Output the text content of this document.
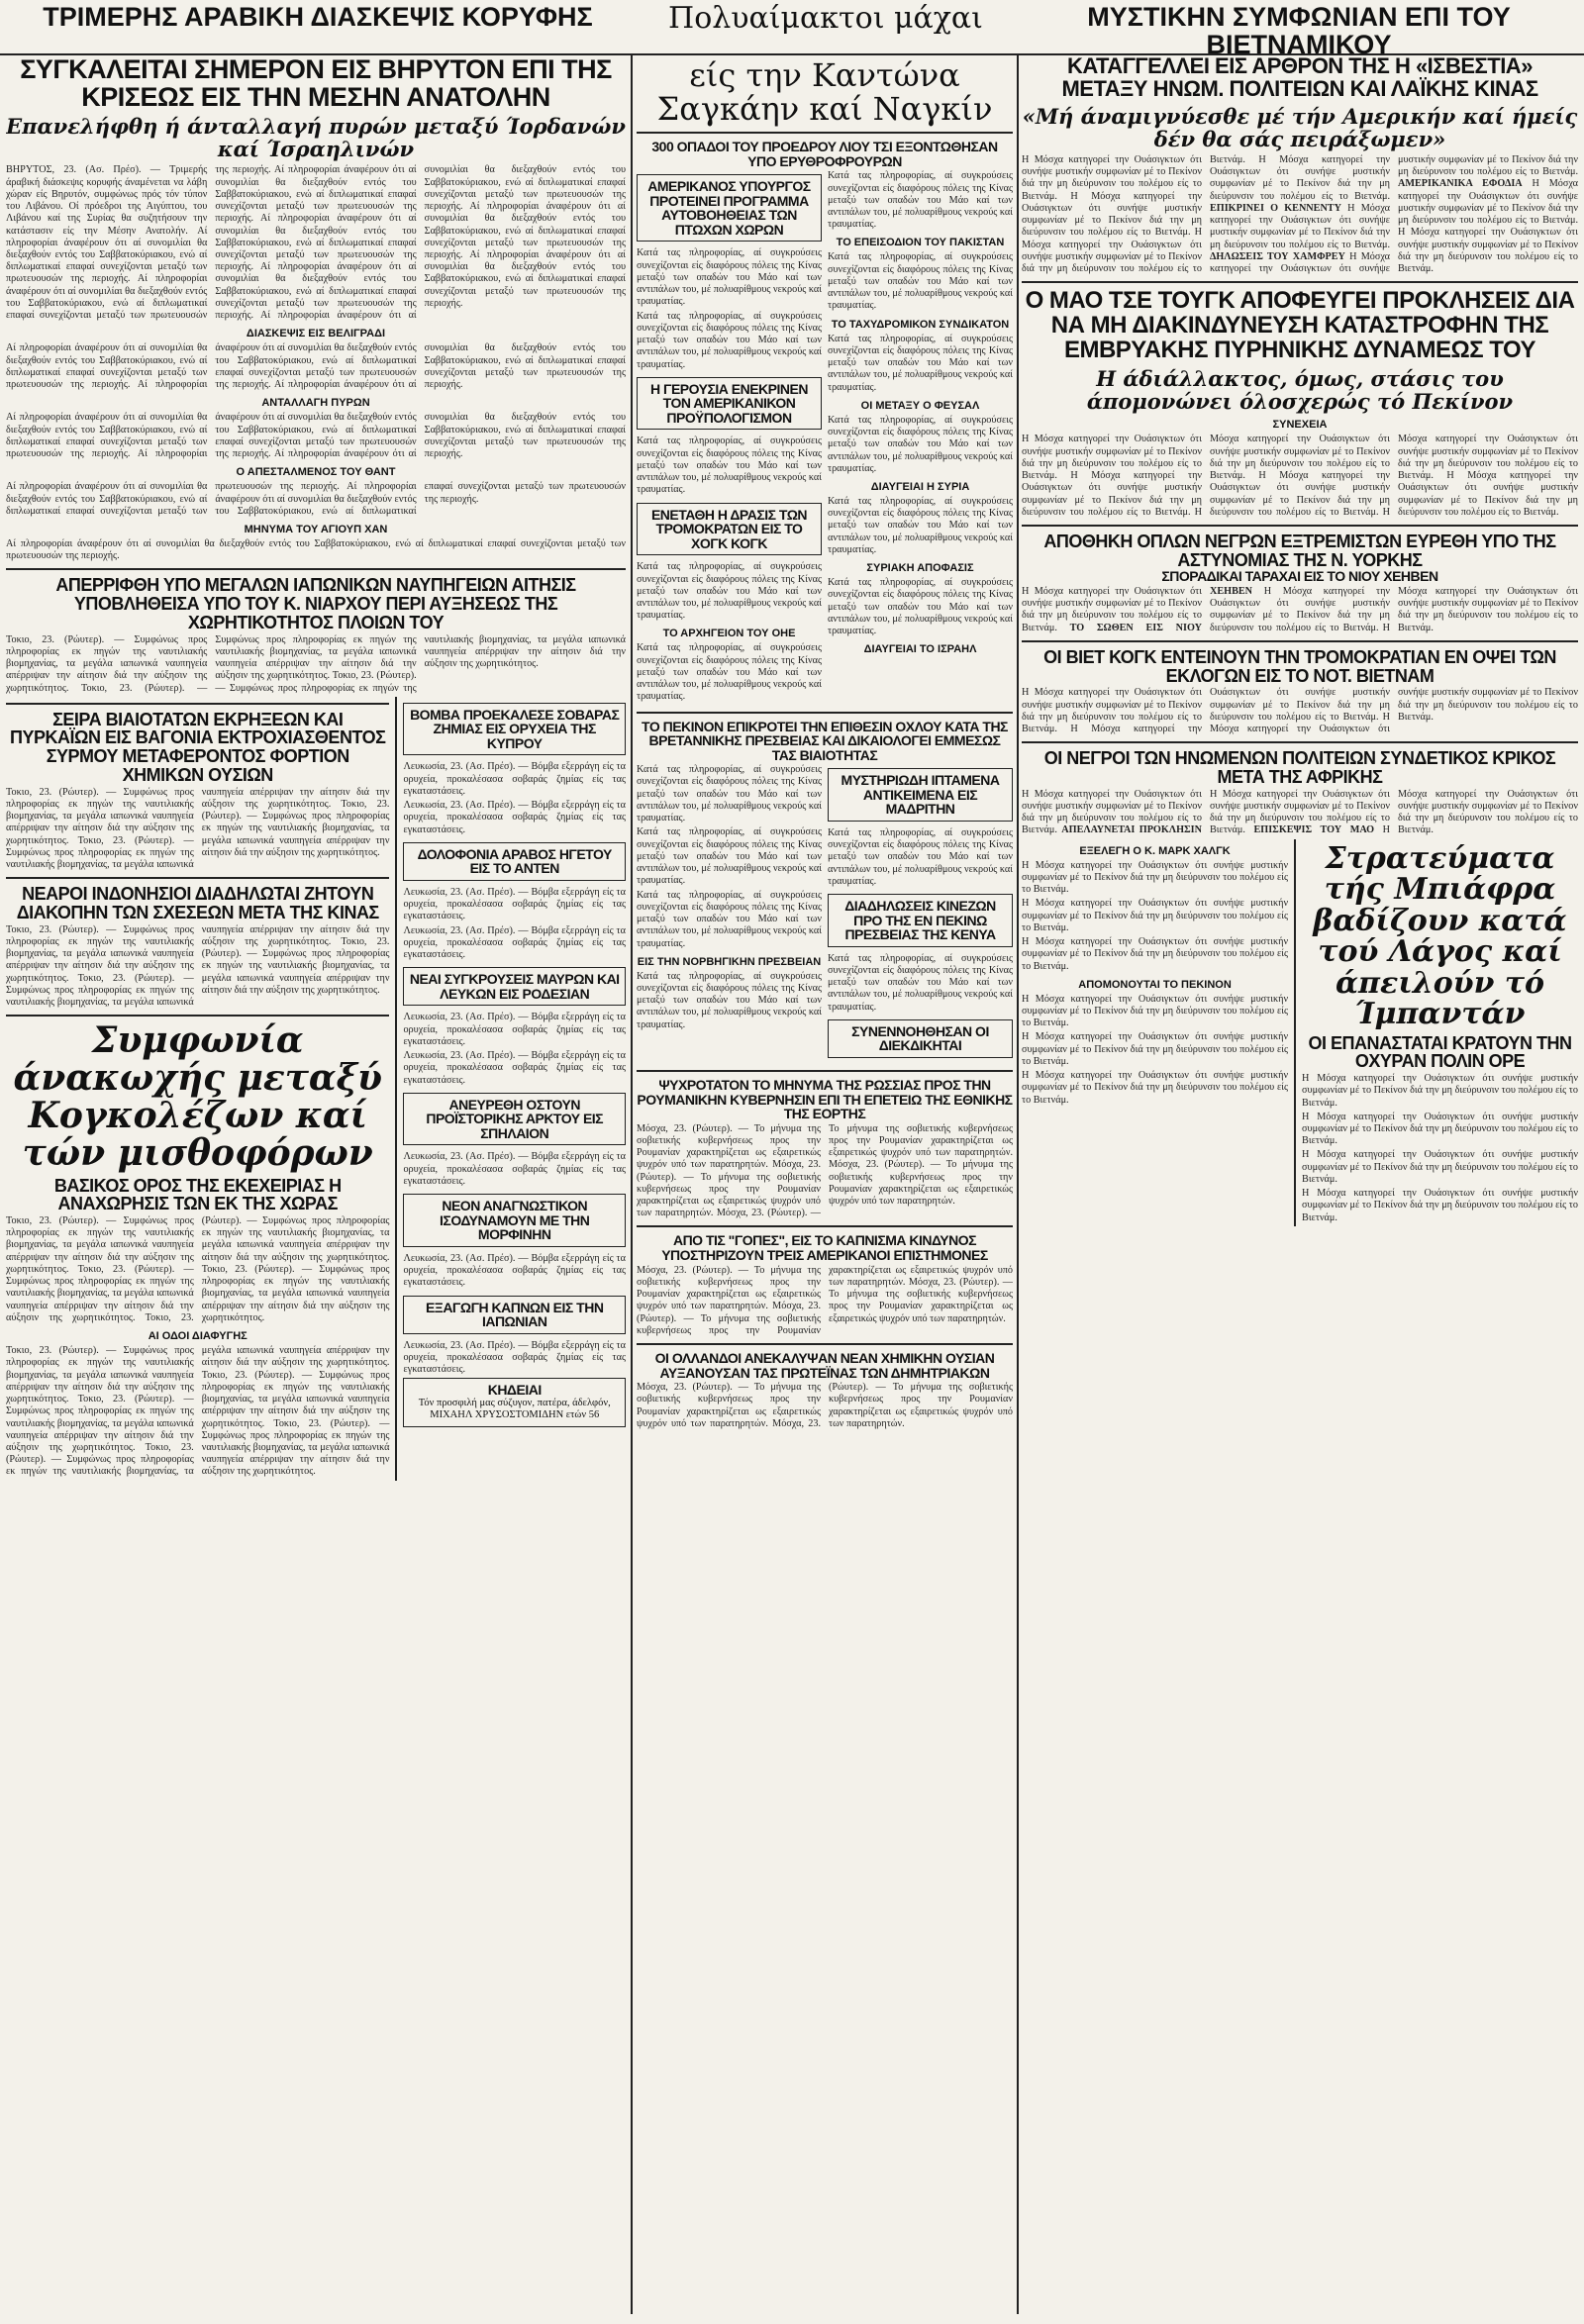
ΤΡΙΜΕΡΗΣ ΑΡΑΒΙΚΗ ΔΙΑΣΚΕΨΙΣ ΚΟΡΥΦΗΣ	Πολυαίμακτοι μάχαι	ΜΥΣΤΙΚΗΝ ΣΥΜΦΩΝΙΑΝ ΕΠΙ ΤΟΥ ΒΙΕΤΝΑΜΙΚΟΥ
ΣΥΓΚΑΛΕΙΤΑΙ ΣΗΜΕΡΟΝ ΕΙΣ ΒΗΡΥΤΟΝ ΕΠΙ ΤΗΣ ΚΡΙΣΕΩΣ ΕΙΣ ΤΗΝ ΜΕΣΗΝ ΑΝΑΤΟΛΗΝ
Επανελήφθη ή άνταλλαγή πυρών μεταξύ Ίορδανών καί Ίσραηλινών
ΒΗΡΥΤΟΣ, 23. (Ασ. Πρέσ). — Τριμερής άραβική διάσκεψις κορυφής άναμένεται να λάβη χώραν είς Βηρυτόν, συμφώνως πρός τόν τύπον του Λιβάνου. Οί πρόεδροι της Αιγύπτου, του Λιβάνου καί της Συρίας θα συζητήσουν την κατάστασιν είς την Μέσην Ανατολήν. Αί πληροφορίαι άναφέρουν ότι αί συνομιλίαι θα διεξαχθούν εντός του Σαββατοκύριακου, ενώ αί διπλωματικαί επαφαί συνεχίζονται μεταξύ των πρωτευουσών της περιοχής. Αί πληροφορίαι άναφέρουν ότι αί συνομιλίαι θα διεξαχθούν εντός του Σαββατοκύριακου, ενώ αί διπλωματικαί επαφαί συνεχίζονται μεταξύ των πρωτευουσών της περιοχής. Αί πληροφορίαι άναφέρουν ότι αί συνομιλίαι θα διεξαχθούν εντός του Σαββατοκύριακου, ενώ αί διπλωματικαί επαφαί συνεχίζονται μεταξύ των πρωτευουσών της περιοχής. Αί πληροφορίαι άναφέρουν ότι αί συνομιλίαι θα διεξαχθούν εντός του Σαββατοκύριακου, ενώ αί διπλωματικαί επαφαί συνεχίζονται μεταξύ των πρωτευουσών της περιοχής. Αί πληροφορίαι άναφέρουν ότι αί συνομιλίαι θα διεξαχθούν εντός του Σαββατοκύριακου, ενώ αί διπλωματικαί επαφαί συνεχίζονται μεταξύ των πρωτευουσών της περιοχής. Αί πληροφορίαι άναφέρουν ότι αί συνομιλίαι θα διεξαχθούν εντός του Σαββατοκύριακου, ενώ αί διπλωματικαί επαφαί συνεχίζονται μεταξύ των πρωτευουσών της περιοχής. Αί πληροφορίαι άναφέρουν ότι αί συνομιλίαι θα διεξαχθούν εντός του Σαββατοκύριακου, ενώ αί διπλωματικαί επαφαί συνεχίζονται μεταξύ των πρωτευουσών της περιοχής. Αί πληροφορίαι άναφέρουν ότι αί συνομιλίαι θα διεξαχθούν εντός του Σαββατοκύριακου, ενώ αί διπλωματικαί επαφαί συνεχίζονται μεταξύ των πρωτευουσών της περιοχής.
ΔΙΑΣΚΕΨΙΣ ΕΙΣ ΒΕΛΙΓΡΑΔΙ
Αί πληροφορίαι άναφέρουν ότι αί συνομιλίαι θα διεξαχθούν εντός του Σαββατοκύριακου, ενώ αί διπλωματικαί επαφαί συνεχίζονται μεταξύ των πρωτευουσών της περιοχής. Αί πληροφορίαι άναφέρουν ότι αί συνομιλίαι θα διεξαχθούν εντός του Σαββατοκύριακου, ενώ αί διπλωματικαί επαφαί συνεχίζονται μεταξύ των πρωτευουσών της περιοχής. Αί πληροφορίαι άναφέρουν ότι αί συνομιλίαι θα διεξαχθούν εντός του Σαββατοκύριακου, ενώ αί διπλωματικαί επαφαί συνεχίζονται μεταξύ των πρωτευουσών της περιοχής.
ΑΝΤΑΛΛΑΓΗ ΠΥΡΩΝ
Αί πληροφορίαι άναφέρουν ότι αί συνομιλίαι θα διεξαχθούν εντός του Σαββατοκύριακου, ενώ αί διπλωματικαί επαφαί συνεχίζονται μεταξύ των πρωτευουσών της περιοχής. Αί πληροφορίαι άναφέρουν ότι αί συνομιλίαι θα διεξαχθούν εντός του Σαββατοκύριακου, ενώ αί διπλωματικαί επαφαί συνεχίζονται μεταξύ των πρωτευουσών της περιοχής. Αί πληροφορίαι άναφέρουν ότι αί συνομιλίαι θα διεξαχθούν εντός του Σαββατοκύριακου, ενώ αί διπλωματικαί επαφαί συνεχίζονται μεταξύ των πρωτευουσών της περιοχής.
Ο ΑΠΕΣΤΑΛΜΕΝΟΣ ΤΟΥ ΘΑΝΤ
Αί πληροφορίαι άναφέρουν ότι αί συνομιλίαι θα διεξαχθούν εντός του Σαββατοκύριακου, ενώ αί διπλωματικαί επαφαί συνεχίζονται μεταξύ των πρωτευουσών της περιοχής. Αί πληροφορίαι άναφέρουν ότι αί συνομιλίαι θα διεξαχθούν εντός του Σαββατοκύριακου, ενώ αί διπλωματικαί επαφαί συνεχίζονται μεταξύ των πρωτευουσών της περιοχής.
ΜΗΝΥΜΑ ΤΟΥ ΑΓΙΟΥΠ ΧΑΝ
Αί πληροφορίαι άναφέρουν ότι αί συνομιλίαι θα διεξαχθούν εντός του Σαββατοκύριακου, ενώ αί διπλωματικαί επαφαί συνεχίζονται μεταξύ των πρωτευουσών της περιοχής.
ΑΠΕΡΡΙΦΘΗ ΥΠΟ ΜΕΓΑΛΩΝ ΙΑΠΩΝΙΚΩΝ ΝΑΥΠΗΓΕΙΩΝ ΑΙΤΗΣΙΣ ΥΠΟΒΛΗΘΕΙΣΑ ΥΠΟ ΤΟΥ Κ. ΝΙΑΡΧΟΥ ΠΕΡΙ ΑΥΞΗΣΕΩΣ ΤΗΣ ΧΩΡΗΤΙΚΟΤΗΤΟΣ ΠΛΟΙΩΝ ΤΟΥ
Τοκιο, 23. (Ρώυτερ). — Συμφώνως προς πληροφορίας εκ πηγών της ναυτιλιακής βιομηχανίας, τα μεγάλα ιαπωνικά ναυπηγεία απέρριψαν την αίτησιν διά την αύξησιν της χωρητικότητος. Τοκιο, 23. (Ρώυτερ). — Συμφώνως προς πληροφορίας εκ πηγών της ναυτιλιακής βιομηχανίας, τα μεγάλα ιαπωνικά ναυπηγεία απέρριψαν την αίτησιν διά την αύξησιν της χωρητικότητος. Τοκιο, 23. (Ρώυτερ). — Συμφώνως προς πληροφορίας εκ πηγών της ναυτιλιακής βιομηχανίας, τα μεγάλα ιαπωνικά ναυπηγεία απέρριψαν την αίτησιν διά την αύξησιν της χωρητικότητος.
ΣΕΙΡΑ ΒΙΑΙΟΤΑΤΩΝ ΕΚΡΗΞΕΩΝ ΚΑΙ ΠΥΡΚΑΪΩΝ ΕΙΣ ΒΑΓΟΝΙΑ ΕΚΤΡΟΧΙΑΣΘΕΝΤΟΣ ΣΥΡΜΟΥ ΜΕΤΑΦΕΡΟΝΤΟΣ ΦΟΡΤΙΟΝ ΧΗΜΙΚΩΝ ΟΥΣΙΩΝ
Τοκιο, 23. (Ρώυτερ). — Συμφώνως προς πληροφορίας εκ πηγών της ναυτιλιακής βιομηχανίας, τα μεγάλα ιαπωνικά ναυπηγεία απέρριψαν την αίτησιν διά την αύξησιν της χωρητικότητος. Τοκιο, 23. (Ρώυτερ). — Συμφώνως προς πληροφορίας εκ πηγών της ναυτιλιακής βιομηχανίας, τα μεγάλα ιαπωνικά ναυπηγεία απέρριψαν την αίτησιν διά την αύξησιν της χωρητικότητος. Τοκιο, 23. (Ρώυτερ). — Συμφώνως προς πληροφορίας εκ πηγών της ναυτιλιακής βιομηχανίας, τα μεγάλα ιαπωνικά ναυπηγεία απέρριψαν την αίτησιν διά την αύξησιν της χωρητικότητος.
ΝΕΑΡΟΙ ΙΝΔΟΝΗΣΙΟΙ ΔΙΑΔΗΛΩΤΑΙ ΖΗΤΟΥΝ ΔΙΑΚΟΠΗΝ ΤΩΝ ΣΧΕΣΕΩΝ ΜΕΤΑ ΤΗΣ ΚΙΝΑΣ
Τοκιο, 23. (Ρώυτερ). — Συμφώνως προς πληροφορίας εκ πηγών της ναυτιλιακής βιομηχανίας, τα μεγάλα ιαπωνικά ναυπηγεία απέρριψαν την αίτησιν διά την αύξησιν της χωρητικότητος. Τοκιο, 23. (Ρώυτερ). — Συμφώνως προς πληροφορίας εκ πηγών της ναυτιλιακής βιομηχανίας, τα μεγάλα ιαπωνικά ναυπηγεία απέρριψαν την αίτησιν διά την αύξησιν της χωρητικότητος. Τοκιο, 23. (Ρώυτερ). — Συμφώνως προς πληροφορίας εκ πηγών της ναυτιλιακής βιομηχανίας, τα μεγάλα ιαπωνικά ναυπηγεία απέρριψαν την αίτησιν διά την αύξησιν της χωρητικότητος.
Συμφωνία άνακωχής μεταξύ Κογκολέζων καί τών μισθοφόρων
ΒΑΣΙΚΟΣ ΟΡΟΣ ΤΗΣ ΕΚΕΧΕΙΡΙΑΣ Η ΑΝΑΧΩΡΗΣΙΣ ΤΩΝ ΕΚ ΤΗΣ ΧΩΡΑΣ
Τοκιο, 23. (Ρώυτερ). — Συμφώνως προς πληροφορίας εκ πηγών της ναυτιλιακής βιομηχανίας, τα μεγάλα ιαπωνικά ναυπηγεία απέρριψαν την αίτησιν διά την αύξησιν της χωρητικότητος. Τοκιο, 23. (Ρώυτερ). — Συμφώνως προς πληροφορίας εκ πηγών της ναυτιλιακής βιομηχανίας, τα μεγάλα ιαπωνικά ναυπηγεία απέρριψαν την αίτησιν διά την αύξησιν της χωρητικότητος. Τοκιο, 23. (Ρώυτερ). — Συμφώνως προς πληροφορίας εκ πηγών της ναυτιλιακής βιομηχανίας, τα μεγάλα ιαπωνικά ναυπηγεία απέρριψαν την αίτησιν διά την αύξησιν της χωρητικότητος. Τοκιο, 23. (Ρώυτερ). — Συμφώνως προς πληροφορίας εκ πηγών της ναυτιλιακής βιομηχανίας, τα μεγάλα ιαπωνικά ναυπηγεία απέρριψαν την αίτησιν διά την αύξησιν της χωρητικότητος.
ΑΙ ΟΔΟΙ ΔΙΑΦΥΓΗΣ
Τοκιο, 23. (Ρώυτερ). — Συμφώνως προς πληροφορίας εκ πηγών της ναυτιλιακής βιομηχανίας, τα μεγάλα ιαπωνικά ναυπηγεία απέρριψαν την αίτησιν διά την αύξησιν της χωρητικότητος. Τοκιο, 23. (Ρώυτερ). — Συμφώνως προς πληροφορίας εκ πηγών της ναυτιλιακής βιομηχανίας, τα μεγάλα ιαπωνικά ναυπηγεία απέρριψαν την αίτησιν διά την αύξησιν της χωρητικότητος. Τοκιο, 23. (Ρώυτερ). — Συμφώνως προς πληροφορίας εκ πηγών της ναυτιλιακής βιομηχανίας, τα μεγάλα ιαπωνικά ναυπηγεία απέρριψαν την αίτησιν διά την αύξησιν της χωρητικότητος. Τοκιο, 23. (Ρώυτερ). — Συμφώνως προς πληροφορίας εκ πηγών της ναυτιλιακής βιομηχανίας, τα μεγάλα ιαπωνικά ναυπηγεία απέρριψαν την αίτησιν διά την αύξησιν της χωρητικότητος. Τοκιο, 23. (Ρώυτερ). — Συμφώνως προς πληροφορίας εκ πηγών της ναυτιλιακής βιομηχανίας, τα μεγάλα ιαπωνικά ναυπηγεία απέρριψαν την αίτησιν διά την αύξησιν της χωρητικότητος.
ΒΟΜΒΑ ΠΡΟΕΚΑΛΕΣΕ ΣΟΒΑΡΑΣ ΖΗΜΙΑΣ ΕΙΣ ΟΡΥΧΕΙΑ ΤΗΣ ΚΥΠΡΟΥ
Λευκωσία, 23. (Ασ. Πρέσ). — Βόμβα εξερράγη είς τα ορυχεία, προκαλέσασα σοβαράς ζημίας είς τας εγκαταστάσεις.
Λευκωσία, 23. (Ασ. Πρέσ). — Βόμβα εξερράγη είς τα ορυχεία, προκαλέσασα σοβαράς ζημίας είς τας εγκαταστάσεις.
ΔΟΛΟΦΟΝΙΑ ΑΡΑΒΟΣ ΗΓΕΤΟΥ ΕΙΣ ΤΟ ΑΝΤΕΝ
Λευκωσία, 23. (Ασ. Πρέσ). — Βόμβα εξερράγη είς τα ορυχεία, προκαλέσασα σοβαράς ζημίας είς τας εγκαταστάσεις.
Λευκωσία, 23. (Ασ. Πρέσ). — Βόμβα εξερράγη είς τα ορυχεία, προκαλέσασα σοβαράς ζημίας είς τας εγκαταστάσεις.
ΝΕΑΙ ΣΥΓΚΡΟΥΣΕΙΣ ΜΑΥΡΩΝ ΚΑΙ ΛΕΥΚΩΝ ΕΙΣ ΡΟΔΕΣΙΑΝ
Λευκωσία, 23. (Ασ. Πρέσ). — Βόμβα εξερράγη είς τα ορυχεία, προκαλέσασα σοβαράς ζημίας είς τας εγκαταστάσεις.
Λευκωσία, 23. (Ασ. Πρέσ). — Βόμβα εξερράγη είς τα ορυχεία, προκαλέσασα σοβαράς ζημίας είς τας εγκαταστάσεις.
ΑΝΕΥΡΕΘΗ ΟΣΤΟΥΝ ΠΡΟΪΣΤΟΡΙΚΗΣ ΑΡΚΤΟΥ ΕΙΣ ΣΠΗΛΑΙΟΝ
Λευκωσία, 23. (Ασ. Πρέσ). — Βόμβα εξερράγη είς τα ορυχεία, προκαλέσασα σοβαράς ζημίας είς τας εγκαταστάσεις.
ΝΕΟΝ ΑΝΑΓΝΩΣΤΙΚΟΝ ΙΣΟΔΥΝΑΜΟΥΝ ΜΕ ΤΗΝ ΜΟΡΦΙΝΗΝ
Λευκωσία, 23. (Ασ. Πρέσ). — Βόμβα εξερράγη είς τα ορυχεία, προκαλέσασα σοβαράς ζημίας είς τας εγκαταστάσεις.
ΕΞΑΓΩΓΗ ΚΑΠΝΩΝ ΕΙΣ ΤΗΝ ΙΑΠΩΝΙΑΝ
Λευκωσία, 23. (Ασ. Πρέσ). — Βόμβα εξερράγη είς τα ορυχεία, προκαλέσασα σοβαράς ζημίας είς τας εγκαταστάσεις.
ΚΗΔΕΙΑΙ
Τόν προσφιλή μας σύζυγον, πατέρα, άδελφόν, ΜΙΧΑΗΛ ΧΡΥΣΟΣΤΟΜΙΔΗΝ ετών 56
είς την Καντώνα Σαγκάην καί Ναγκίν
300 ΟΠΑΔΟΙ ΤΟΥ ΠΡΟΕΔΡΟΥ ΛΙΟΥ ΤΣΙ ΕΞΟΝΤΩΘΗΣΑΝ ΥΠΟ ΕΡΥΘΡΟΦΡΟΥΡΩΝ
ΑΜΕΡΙΚΑΝΟΣ ΥΠΟΥΡΓΟΣ ΠΡΟΤΕΙΝΕΙ ΠΡΟΓΡΑΜΜΑ ΑΥΤΟΒΟΗΘΕΙΑΣ ΤΩΝ ΠΤΩΧΩΝ ΧΩΡΩΝ
Κατά τας πληροφορίας, αί συγκρούσεις συνεχίζονται είς διαφόρους πόλεις της Κίνας μεταξύ των οπαδών του Μάο καί των αντιπάλων του, μέ πολυαρίθμους νεκρούς καί τραυματίας.
Κατά τας πληροφορίας, αί συγκρούσεις συνεχίζονται είς διαφόρους πόλεις της Κίνας μεταξύ των οπαδών του Μάο καί των αντιπάλων του, μέ πολυαρίθμους νεκρούς καί τραυματίας.
Η ΓΕΡΟΥΣΙΑ ΕΝΕΚΡΙΝΕΝ ΤΟΝ ΑΜΕΡΙΚΑΝΙΚΟΝ ΠΡΟΫΠΟΛΟΓΙΣΜΟΝ
Κατά τας πληροφορίας, αί συγκρούσεις συνεχίζονται είς διαφόρους πόλεις της Κίνας μεταξύ των οπαδών του Μάο καί των αντιπάλων του, μέ πολυαρίθμους νεκρούς καί τραυματίας.
ΕΝΕΤΑΘΗ Η ΔΡΑΣΙΣ ΤΩΝ ΤΡΟΜΟΚΡΑΤΩΝ ΕΙΣ ΤΟ ΧΟΓΚ ΚΟΓΚ
Κατά τας πληροφορίας, αί συγκρούσεις συνεχίζονται είς διαφόρους πόλεις της Κίνας μεταξύ των οπαδών του Μάο καί των αντιπάλων του, μέ πολυαρίθμους νεκρούς καί τραυματίας.
ΤΟ ΑΡΧΗΓΕΙΟΝ ΤΟΥ ΟΗΕ
Κατά τας πληροφορίας, αί συγκρούσεις συνεχίζονται είς διαφόρους πόλεις της Κίνας μεταξύ των οπαδών του Μάο καί των αντιπάλων του, μέ πολυαρίθμους νεκρούς καί τραυματίας.
Κατά τας πληροφορίας, αί συγκρούσεις συνεχίζονται είς διαφόρους πόλεις της Κίνας μεταξύ των οπαδών του Μάο καί των αντιπάλων του, μέ πολυαρίθμους νεκρούς καί τραυματίας.
ΤΟ ΕΠΕΙΣΟΔΙΟΝ ΤΟΥ ΠΑΚΙΣΤΑΝ
Κατά τας πληροφορίας, αί συγκρούσεις συνεχίζονται είς διαφόρους πόλεις της Κίνας μεταξύ των οπαδών του Μάο καί των αντιπάλων του, μέ πολυαρίθμους νεκρούς καί τραυματίας.
ΤΟ ΤΑΧΥΔΡΟΜΙΚΟΝ ΣΥΝΔΙΚΑΤΟΝ
Κατά τας πληροφορίας, αί συγκρούσεις συνεχίζονται είς διαφόρους πόλεις της Κίνας μεταξύ των οπαδών του Μάο καί των αντιπάλων του, μέ πολυαρίθμους νεκρούς καί τραυματίας.
ΟΙ ΜΕΤΑΞΥ Ο ΦΕΥΣΑΛ
Κατά τας πληροφορίας, αί συγκρούσεις συνεχίζονται είς διαφόρους πόλεις της Κίνας μεταξύ των οπαδών του Μάο καί των αντιπάλων του, μέ πολυαρίθμους νεκρούς καί τραυματίας.
ΔΙΑΥΓΕΙΑΙ Η ΣΥΡΙΑ
Κατά τας πληροφορίας, αί συγκρούσεις συνεχίζονται είς διαφόρους πόλεις της Κίνας μεταξύ των οπαδών του Μάο καί των αντιπάλων του, μέ πολυαρίθμους νεκρούς καί τραυματίας.
ΣΥΡΙΑΚΗ ΑΠΟΦΑΣΙΣ
Κατά τας πληροφορίας, αί συγκρούσεις συνεχίζονται είς διαφόρους πόλεις της Κίνας μεταξύ των οπαδών του Μάο καί των αντιπάλων του, μέ πολυαρίθμους νεκρούς καί τραυματίας.
ΔΙΑΥΓΕΙΑΙ ΤΟ ΙΣΡΑΗΛ
ΤΟ ΠΕΚΙΝΟΝ ΕΠΙΚΡΟΤΕΙ ΤΗΝ ΕΠΙΘΕΣΙΝ ΟΧΛΟΥ ΚΑΤΑ ΤΗΣ ΒΡΕΤΑΝΝΙΚΗΣ ΠΡΕΣΒΕΙΑΣ ΚΑΙ ΔΙΚΑΙΟΛΟΓΕΙ ΕΜΜΕΣΩΣ ΤΑΣ ΒΙΑΙΟΤΗΤΑΣ
Κατά τας πληροφορίας, αί συγκρούσεις συνεχίζονται είς διαφόρους πόλεις της Κίνας μεταξύ των οπαδών του Μάο καί των αντιπάλων του, μέ πολυαρίθμους νεκρούς καί τραυματίας.
Κατά τας πληροφορίας, αί συγκρούσεις συνεχίζονται είς διαφόρους πόλεις της Κίνας μεταξύ των οπαδών του Μάο καί των αντιπάλων του, μέ πολυαρίθμους νεκρούς καί τραυματίας.
Κατά τας πληροφορίας, αί συγκρούσεις συνεχίζονται είς διαφόρους πόλεις της Κίνας μεταξύ των οπαδών του Μάο καί των αντιπάλων του, μέ πολυαρίθμους νεκρούς καί τραυματίας.
ΕΙΣ ΤΗΝ ΝΟΡΒΗΓΙΚΗΝ ΠΡΕΣΒΕΙΑΝ
Κατά τας πληροφορίας, αί συγκρούσεις συνεχίζονται είς διαφόρους πόλεις της Κίνας μεταξύ των οπαδών του Μάο καί των αντιπάλων του, μέ πολυαρίθμους νεκρούς καί τραυματίας.
ΜΥΣΤΗΡΙΩΔΗ ΙΠΤΑΜΕΝΑ ΑΝΤΙΚΕΙΜΕΝΑ ΕΙΣ ΜΑΔΡΙΤΗΝ
Κατά τας πληροφορίας, αί συγκρούσεις συνεχίζονται είς διαφόρους πόλεις της Κίνας μεταξύ των οπαδών του Μάο καί των αντιπάλων του, μέ πολυαρίθμους νεκρούς καί τραυματίας.
ΔΙΑΔΗΛΩΣΕΙΣ ΚΙΝΕΖΩΝ ΠΡΟ ΤΗΣ ΕΝ ΠΕΚΙΝΩ ΠΡΕΣΒΕΙΑΣ ΤΗΣ ΚΕΝΥΑ
Κατά τας πληροφορίας, αί συγκρούσεις συνεχίζονται είς διαφόρους πόλεις της Κίνας μεταξύ των οπαδών του Μάο καί των αντιπάλων του, μέ πολυαρίθμους νεκρούς καί τραυματίας.
ΣΥΝΕΝΝΟΗΘΗΣΑΝ ΟΙ ΔΙΕΚΔΙΚΗΤΑΙ
ΨΥΧΡΟΤΑΤΟΝ ΤΟ ΜΗΝΥΜΑ ΤΗΣ ΡΩΣΣΙΑΣ ΠΡΟΣ ΤΗΝ ΡΟΥΜΑΝΙΚΗΝ ΚΥΒΕΡΝΗΣΙΝ ΕΠΙ ΤΗ ΕΠΕΤΕΙΩ ΤΗΣ ΕΘΝΙΚΗΣ ΤΗΣ ΕΟΡΤΗΣ
Μόσχα, 23. (Ρώυτερ). — Το μήνυμα της σοβιετικής κυβερνήσεως προς την Ρουμανίαν χαρακτηρίζεται ως εξαιρετικώς ψυχρόν υπό των παρατηρητών. Μόσχα, 23. (Ρώυτερ). — Το μήνυμα της σοβιετικής κυβερνήσεως προς την Ρουμανίαν χαρακτηρίζεται ως εξαιρετικώς ψυχρόν υπό των παρατηρητών. Μόσχα, 23. (Ρώυτερ). — Το μήνυμα της σοβιετικής κυβερνήσεως προς την Ρουμανίαν χαρακτηρίζεται ως εξαιρετικώς ψυχρόν υπό των παρατηρητών. Μόσχα, 23. (Ρώυτερ). — Το μήνυμα της σοβιετικής κυβερνήσεως προς την Ρουμανίαν χαρακτηρίζεται ως εξαιρετικώς ψυχρόν υπό των παρατηρητών.
ΑΠΟ ΤΙΣ "ΓΟΠΕΣ", ΕΙΣ ΤΟ ΚΑΠΝΙΣΜΑ ΚΙΝΔΥΝΟΣ ΥΠΟΣΤΗΡΙΖΟΥΝ ΤΡΕΙΣ ΑΜΕΡΙΚΑΝΟΙ ΕΠΙΣΤΗΜΟΝΕΣ
Μόσχα, 23. (Ρώυτερ). — Το μήνυμα της σοβιετικής κυβερνήσεως προς την Ρουμανίαν χαρακτηρίζεται ως εξαιρετικώς ψυχρόν υπό των παρατηρητών. Μόσχα, 23. (Ρώυτερ). — Το μήνυμα της σοβιετικής κυβερνήσεως προς την Ρουμανίαν χαρακτηρίζεται ως εξαιρετικώς ψυχρόν υπό των παρατηρητών. Μόσχα, 23. (Ρώυτερ). — Το μήνυμα της σοβιετικής κυβερνήσεως προς την Ρουμανίαν χαρακτηρίζεται ως εξαιρετικώς ψυχρόν υπό των παρατηρητών.
ΟΙ ΟΛΛΑΝΔΟΙ ΑΝΕΚΑΛΥΨΑΝ ΝΕΑΝ ΧΗΜΙΚΗΝ ΟΥΣΙΑΝ ΑΥΞΑΝΟΥΣΑΝ ΤΑΣ ΠΡΩΤΕΪΝΑΣ ΤΩΝ ΔΗΜΗΤΡΙΑΚΩΝ
Μόσχα, 23. (Ρώυτερ). — Το μήνυμα της σοβιετικής κυβερνήσεως προς την Ρουμανίαν χαρακτηρίζεται ως εξαιρετικώς ψυχρόν υπό των παρατηρητών. Μόσχα, 23. (Ρώυτερ). — Το μήνυμα της σοβιετικής κυβερνήσεως προς την Ρουμανίαν χαρακτηρίζεται ως εξαιρετικώς ψυχρόν υπό των παρατηρητών.
ΚΑΤΑΓΓΕΛΛΕΙ ΕΙΣ ΑΡΘΡΟΝ ΤΗΣ Η «ΙΣΒΕΣΤΙΑ» ΜΕΤΑΞΥ ΗΝΩΜ. ΠΟΛΙΤΕΙΩΝ ΚΑΙ ΛΑΪΚΗΣ ΚΙΝΑΣ
«Μή άναμιγνύεσθε μέ τήν Αμερικήν καί ήμείς δέν θα σάς πειράξωμεν»
Η Μόσχα κατηγορεί την Ουάσιγκτων ότι συνήψε μυστικήν συμφωνίαν μέ το Πεκίνον διά την μη διεύρυνσιν του πολέμου είς το Βιετνάμ. Η Μόσχα κατηγορεί την Ουάσιγκτων ότι συνήψε μυστικήν συμφωνίαν μέ το Πεκίνον διά την μη διεύρυνσιν του πολέμου είς το Βιετνάμ. Η Μόσχα κατηγορεί την Ουάσιγκτων ότι συνήψε μυστικήν συμφωνίαν μέ το Πεκίνον διά την μη διεύρυνσιν του πολέμου είς το Βιετνάμ. Η Μόσχα κατηγορεί την Ουάσιγκτων ότι συνήψε μυστικήν συμφωνίαν μέ το Πεκίνον διά την μη διεύρυνσιν του πολέμου είς το Βιετνάμ. ΕΠΙΚΡΙΝΕΙ Ο ΚΕΝΝΕΝΤΥ Η Μόσχα κατηγορεί την Ουάσιγκτων ότι συνήψε μυστικήν συμφωνίαν μέ το Πεκίνον διά την μη διεύρυνσιν του πολέμου είς το Βιετνάμ. ΔΗΛΩΣΕΙΣ ΤΟΥ ΧΑΜΦΡΕΥ Η Μόσχα κατηγορεί την Ουάσιγκτων ότι συνήψε μυστικήν συμφωνίαν μέ το Πεκίνον διά την μη διεύρυνσιν του πολέμου είς το Βιετνάμ. ΑΜΕΡΙΚΑΝΙΚΑ ΕΦΟΔΙΑ Η Μόσχα κατηγορεί την Ουάσιγκτων ότι συνήψε μυστικήν συμφωνίαν μέ το Πεκίνον διά την μη διεύρυνσιν του πολέμου είς το Βιετνάμ. Η Μόσχα κατηγορεί την Ουάσιγκτων ότι συνήψε μυστικήν συμφωνίαν μέ το Πεκίνον διά την μη διεύρυνσιν του πολέμου είς το Βιετνάμ.
Ο ΜΑΟ ΤΣΕ ΤΟΥΓΚ ΑΠΟΦΕΥΓΕΙ ΠΡΟΚΛΗΣΕΙΣ ΔΙΑ ΝΑ ΜΗ ΔΙΑΚΙΝΔΥΝΕΥΣΗ ΚΑΤΑΣΤΡΟΦΗΝ ΤΗΣ ΕΜΒΡΥΑΚΗΣ ΠΥΡΗΝΙΚΗΣ ΔΥΝΑΜΕΩΣ ΤΟΥ
Η άδιάλλακτος, όμως, στάσις του άπομονώνει όλοσχερώς τό Πεκίνον
ΣΥΝΕΧΕΙΑ
Η Μόσχα κατηγορεί την Ουάσιγκτων ότι συνήψε μυστικήν συμφωνίαν μέ το Πεκίνον διά την μη διεύρυνσιν του πολέμου είς το Βιετνάμ. Η Μόσχα κατηγορεί την Ουάσιγκτων ότι συνήψε μυστικήν συμφωνίαν μέ το Πεκίνον διά την μη διεύρυνσιν του πολέμου είς το Βιετνάμ. Η Μόσχα κατηγορεί την Ουάσιγκτων ότι συνήψε μυστικήν συμφωνίαν μέ το Πεκίνον διά την μη διεύρυνσιν του πολέμου είς το Βιετνάμ. Η Μόσχα κατηγορεί την Ουάσιγκτων ότι συνήψε μυστικήν συμφωνίαν μέ το Πεκίνον διά την μη διεύρυνσιν του πολέμου είς το Βιετνάμ. Η Μόσχα κατηγορεί την Ουάσιγκτων ότι συνήψε μυστικήν συμφωνίαν μέ το Πεκίνον διά την μη διεύρυνσιν του πολέμου είς το Βιετνάμ. Η Μόσχα κατηγορεί την Ουάσιγκτων ότι συνήψε μυστικήν συμφωνίαν μέ το Πεκίνον διά την μη διεύρυνσιν του πολέμου είς το Βιετνάμ.
ΑΠΟΘΗΚΗ ΟΠΛΩΝ ΝΕΓΡΩΝ ΕΞΤΡΕΜΙΣΤΩΝ ΕΥΡΕΘΗ ΥΠΟ ΤΗΣ ΑΣΤΥΝΟΜΙΑΣ ΤΗΣ Ν. ΥΟΡΚΗΣ
ΣΠΟΡΑΔΙΚΑΙ ΤΑΡΑΧΑΙ ΕΙΣ ΤΟ ΝΙΟΥ ΧΕΗΒΕΝ
Η Μόσχα κατηγορεί την Ουάσιγκτων ότι συνήψε μυστικήν συμφωνίαν μέ το Πεκίνον διά την μη διεύρυνσιν του πολέμου είς το Βιετνάμ. ΤΟ ΣΩΘΕΝ ΕΙΣ ΝΙΟΥ ΧΕΗΒΕΝ Η Μόσχα κατηγορεί την Ουάσιγκτων ότι συνήψε μυστικήν συμφωνίαν μέ το Πεκίνον διά την μη διεύρυνσιν του πολέμου είς το Βιετνάμ. Η Μόσχα κατηγορεί την Ουάσιγκτων ότι συνήψε μυστικήν συμφωνίαν μέ το Πεκίνον διά την μη διεύρυνσιν του πολέμου είς το Βιετνάμ.
ΟΙ ΒΙΕΤ ΚΟΓΚ ΕΝΤΕΙΝΟΥΝ ΤΗΝ ΤΡΟΜΟΚΡΑΤΙΑΝ ΕΝ ΟΨΕΙ ΤΩΝ ΕΚΛΟΓΩΝ ΕΙΣ ΤΟ ΝΟΤ. ΒΙΕΤΝΑΜ
Η Μόσχα κατηγορεί την Ουάσιγκτων ότι συνήψε μυστικήν συμφωνίαν μέ το Πεκίνον διά την μη διεύρυνσιν του πολέμου είς το Βιετνάμ. Η Μόσχα κατηγορεί την Ουάσιγκτων ότι συνήψε μυστικήν συμφωνίαν μέ το Πεκίνον διά την μη διεύρυνσιν του πολέμου είς το Βιετνάμ. Η Μόσχα κατηγορεί την Ουάσιγκτων ότι συνήψε μυστικήν συμφωνίαν μέ το Πεκίνον διά την μη διεύρυνσιν του πολέμου είς το Βιετνάμ.
ΟΙ ΝΕΓΡΟΙ ΤΩΝ ΗΝΩΜΕΝΩΝ ΠΟΛΙΤΕΙΩΝ ΣΥΝΔΕΤΙΚΟΣ ΚΡΙΚΟΣ ΜΕΤΑ ΤΗΣ ΑΦΡΙΚΗΣ
Η Μόσχα κατηγορεί την Ουάσιγκτων ότι συνήψε μυστικήν συμφωνίαν μέ το Πεκίνον διά την μη διεύρυνσιν του πολέμου είς το Βιετνάμ. ΑΠΕΛΑΥΝΕΤΑΙ ΠΡΟΚΛΗΣΙΝ Η Μόσχα κατηγορεί την Ουάσιγκτων ότι συνήψε μυστικήν συμφωνίαν μέ το Πεκίνον διά την μη διεύρυνσιν του πολέμου είς το Βιετνάμ. ΕΠΙΣΚΕΨΙΣ ΤΟΥ ΜΑΟ Η Μόσχα κατηγορεί την Ουάσιγκτων ότι συνήψε μυστικήν συμφωνίαν μέ το Πεκίνον διά την μη διεύρυνσιν του πολέμου είς το Βιετνάμ.
ΕΞΕΛΕΓΗ Ο Κ. ΜΑΡΚ ΧΑΛΓΚ
Η Μόσχα κατηγορεί την Ουάσιγκτων ότι συνήψε μυστικήν συμφωνίαν μέ το Πεκίνον διά την μη διεύρυνσιν του πολέμου είς το Βιετνάμ.
Η Μόσχα κατηγορεί την Ουάσιγκτων ότι συνήψε μυστικήν συμφωνίαν μέ το Πεκίνον διά την μη διεύρυνσιν του πολέμου είς το Βιετνάμ.
Η Μόσχα κατηγορεί την Ουάσιγκτων ότι συνήψε μυστικήν συμφωνίαν μέ το Πεκίνον διά την μη διεύρυνσιν του πολέμου είς το Βιετνάμ.
ΑΠΟΜΟΝΟΥΤΑΙ ΤΟ ΠΕΚΙΝΟΝ
Η Μόσχα κατηγορεί την Ουάσιγκτων ότι συνήψε μυστικήν συμφωνίαν μέ το Πεκίνον διά την μη διεύρυνσιν του πολέμου είς το Βιετνάμ.
Η Μόσχα κατηγορεί την Ουάσιγκτων ότι συνήψε μυστικήν συμφωνίαν μέ το Πεκίνον διά την μη διεύρυνσιν του πολέμου είς το Βιετνάμ.
Η Μόσχα κατηγορεί την Ουάσιγκτων ότι συνήψε μυστικήν συμφωνίαν μέ το Πεκίνον διά την μη διεύρυνσιν του πολέμου είς το Βιετνάμ.
Στρατεύματα τής Μπιάφρα βαδίζουν κατά τού Λάγος καί άπειλούν τό Ίμπαντάν
ΟΙ ΕΠΑΝΑΣΤΑΤΑΙ ΚΡΑΤΟΥΝ ΤΗΝ ΟΧΥΡΑΝ ΠΟΛΙΝ ΟΡΕ
Η Μόσχα κατηγορεί την Ουάσιγκτων ότι συνήψε μυστικήν συμφωνίαν μέ το Πεκίνον διά την μη διεύρυνσιν του πολέμου είς το Βιετνάμ.
Η Μόσχα κατηγορεί την Ουάσιγκτων ότι συνήψε μυστικήν συμφωνίαν μέ το Πεκίνον διά την μη διεύρυνσιν του πολέμου είς το Βιετνάμ.
Η Μόσχα κατηγορεί την Ουάσιγκτων ότι συνήψε μυστικήν συμφωνίαν μέ το Πεκίνον διά την μη διεύρυνσιν του πολέμου είς το Βιετνάμ.
Η Μόσχα κατηγορεί την Ουάσιγκτων ότι συνήψε μυστικήν συμφωνίαν μέ το Πεκίνον διά την μη διεύρυνσιν του πολέμου είς το Βιετνάμ.
